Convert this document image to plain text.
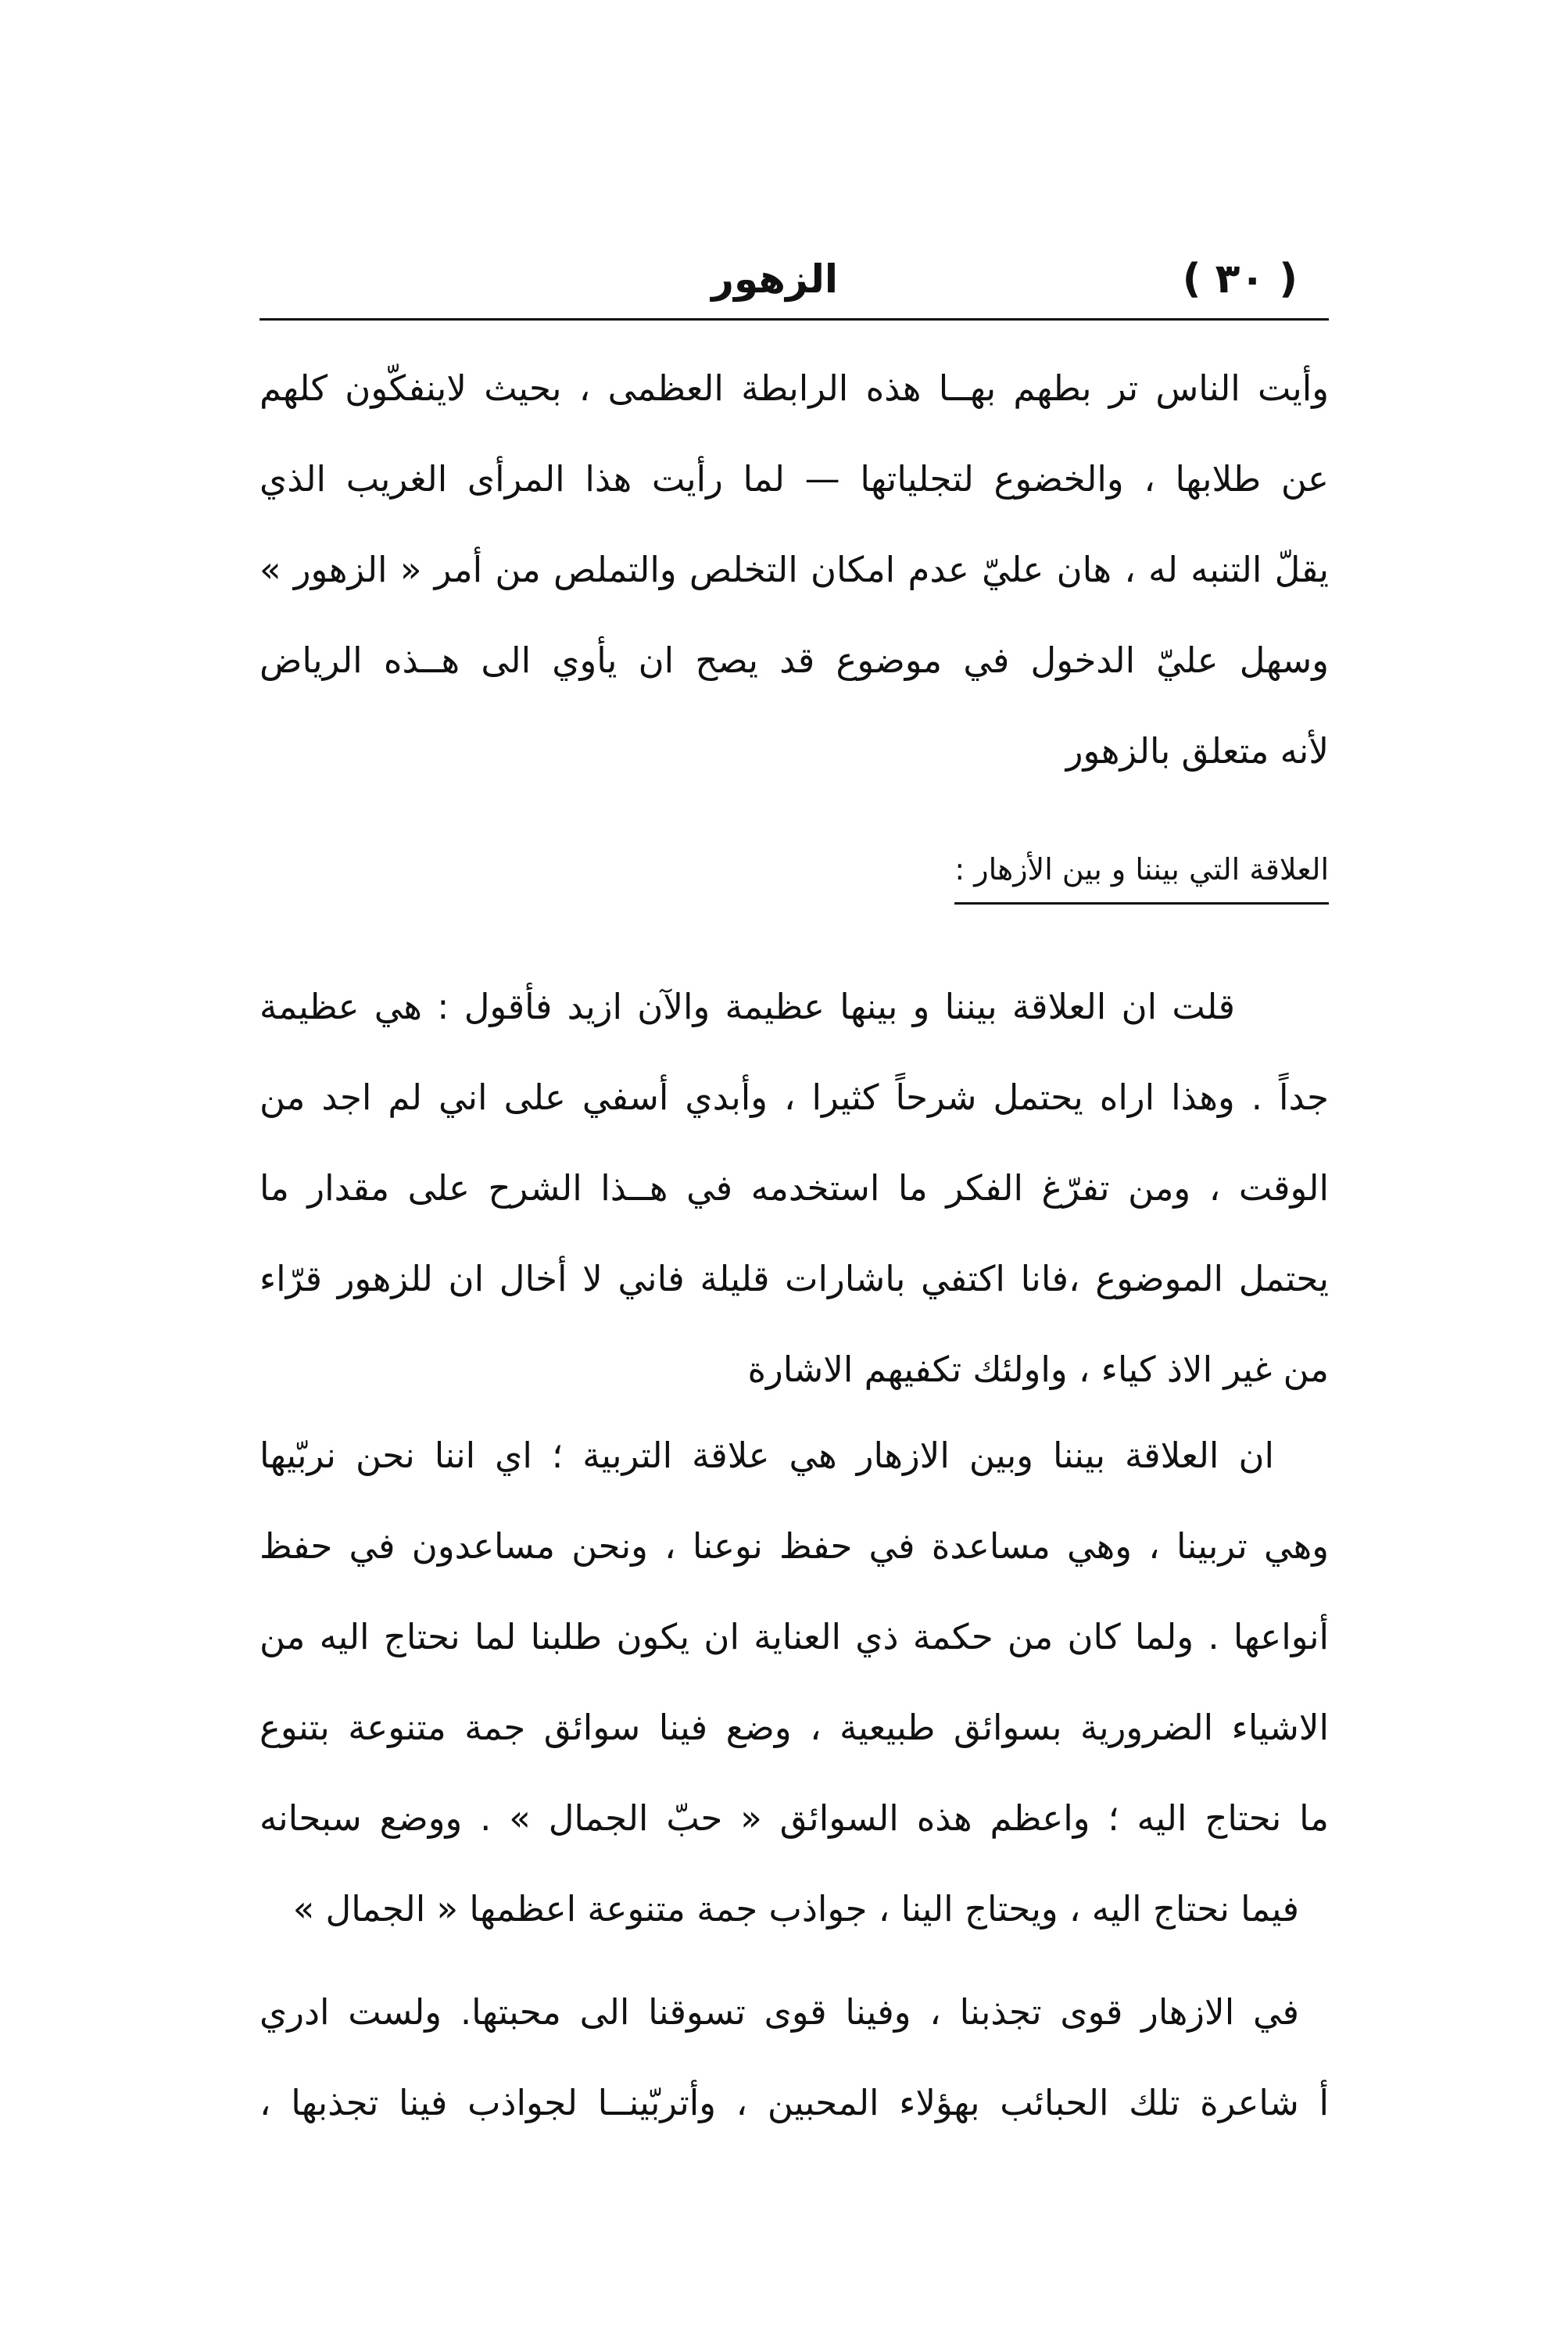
الزهور	( ٣٠ )
وأيت الناس تر بطهم بهــا هذه الرابطة العظمى ، بحيث لاينفكّون كلهم
عن طلابها ، والخضوع لتجلياتها — لما رأيت هذا المرأى الغريب الذي
يقلّ التنبه له ، هان عليّ عدم امكان التخلص والتملص من أمر « الزهور »
وسهل عليّ الدخول في موضوع قد يصح ان يأوي الى هــذه الرياض
لأنه متعلق بالزهور
العلاقة التي بيننا و بين الأزهار :
قلت ان العلاقة بيننا و بينها عظيمة والآن ازيد فأقول : هي عظيمة
جداً . وهذا اراه يحتمل شرحاً كثيرا ، وأبدي أسفي على اني لم اجد من
الوقت ، ومن تفرّغ الفكر ما استخدمه في هــذا الشرح على مقدار ما
يحتمل الموضوع ،فانا اكتفي باشارات قليلة فاني لا أخال ان للزهور قرّاء
من غير الاذ كياء ، واولئك تكفيهم الاشارة
ان العلاقة بيننا وبين الازهار هي علاقة التربية ؛ اي اننا نحن نربّيها
وهي تربينا ، وهي مساعدة في حفظ نوعنا ، ونحن مساعدون في حفظ
أنواعها . ولما كان من حكمة ذي العناية ان يكون طلبنا لما نحتاج اليه من
الاشياء الضرورية بسوائق طبيعية ، وضع فينا سوائق جمة متنوعة بتنوع
ما نحتاج اليه ؛ واعظم هذه السوائق « حبّ الجمال » . ووضع سبحانه
فيما نحتاج اليه ، ويحتاج الينا ، جواذب جمة متنوعة اعظمها « الجمال »
في الازهار قوى تجذبنا ، وفينا قوى تسوقنا الى محبتها. ولست ادري
أ شاعرة تلك الحبائب بهؤلاء المحبين ، وأتربّينــا لجواذب فينا تجذبها ،
